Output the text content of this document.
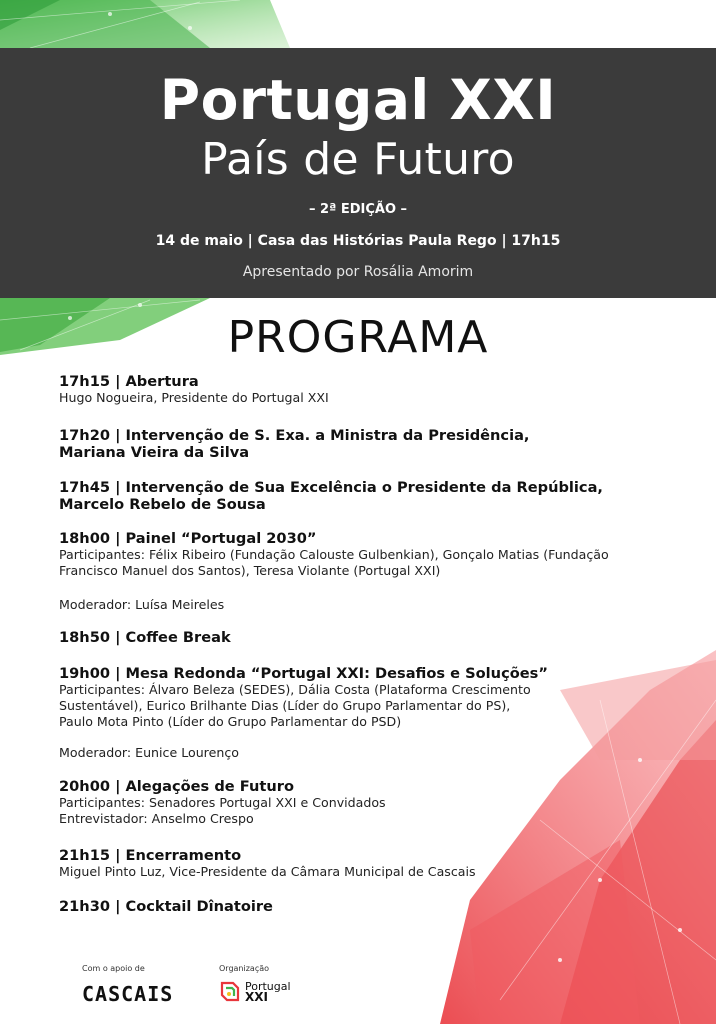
Portugal XXI
País de Futuro
– 2ª EDIÇÃO –
14 de maio | Casa das Histórias Paula Rego | 17h15
Apresentado por Rosália Amorim
PROGRAMA
17h15 | Abertura
Hugo Nogueira, Presidente do Portugal XXI
17h20 | Intervenção de S. Exa. a Ministra da Presidência,
Mariana Vieira da Silva
17h45 | Intervenção de Sua Excelência o Presidente da República,
Marcelo Rebelo de Sousa
18h00 | Painel “Portugal 2030”
Participantes: Félix Ribeiro (Fundação Calouste Gulbenkian), Gonçalo Matias (Fundação
Francisco Manuel dos Santos), Teresa Violante (Portugal XXI)
Moderador: Luísa Meireles
18h50 | Coffee Break
19h00 | Mesa Redonda “Portugal XXI: Desafios e Soluções”
Participantes: Álvaro Beleza (SEDES), Dália Costa (Plataforma Crescimento
Sustentável), Eurico Brilhante Dias (Líder do Grupo Parlamentar do PS),
Paulo Mota Pinto (Líder do Grupo Parlamentar do PSD)
Moderador: Eunice Lourenço
20h00 | Alegações de Futuro
Participantes: Senadores Portugal XXI e Convidados
Entrevistador: Anselmo Crespo
21h15 | Encerramento
Miguel Pinto Luz, Vice-Presidente da Câmara Municipal de Cascais
21h30 | Cocktail Dînatoire
Com o apoio de
CASCAIS
Organização
Portugal
XXI
